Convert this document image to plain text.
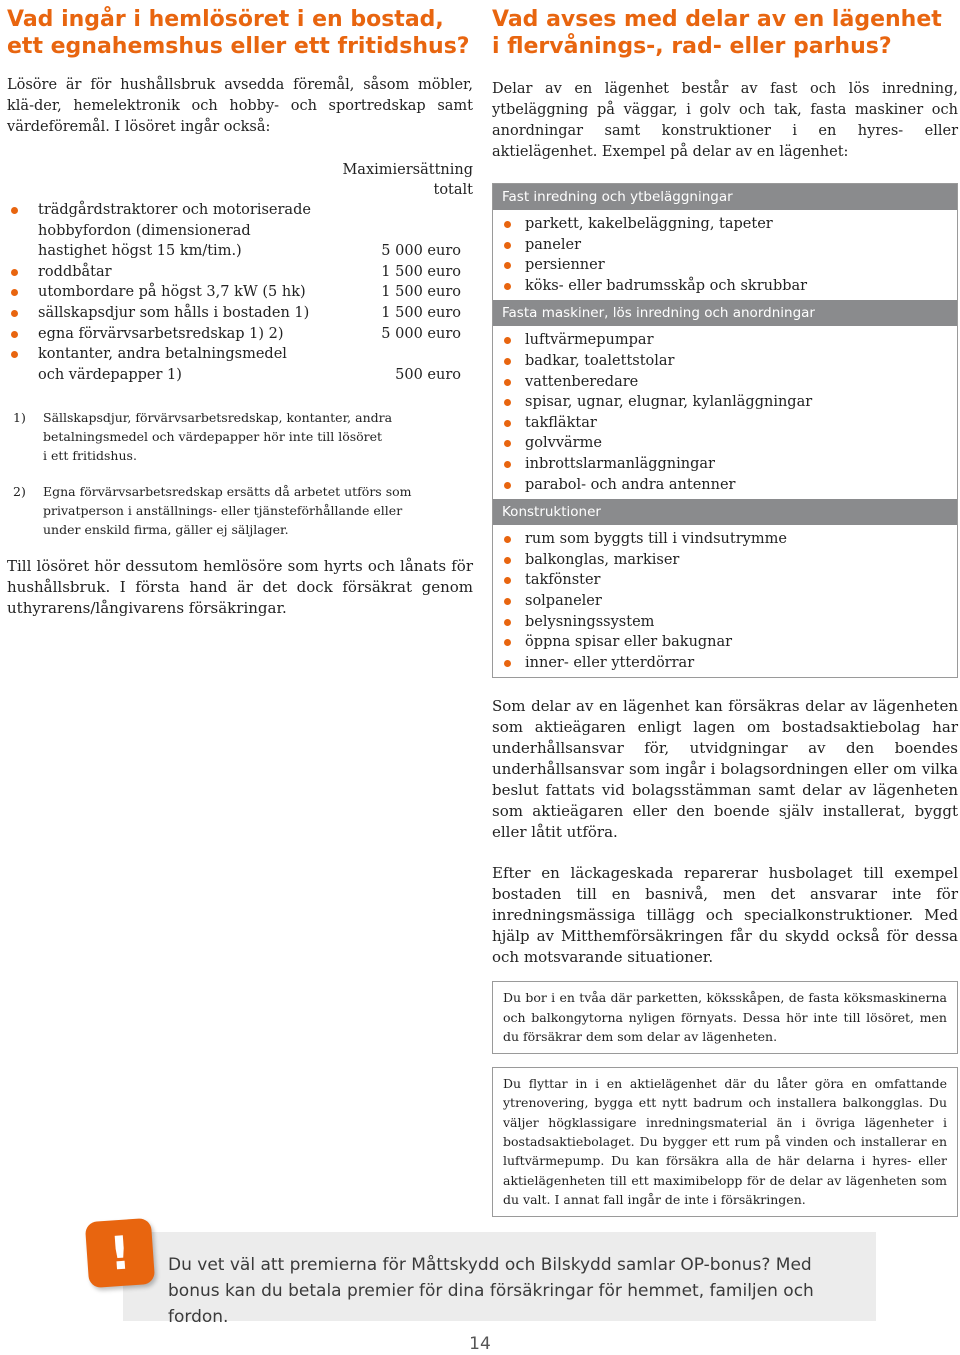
Vad ingår i hemlösöret i en bostad,
ett egnahemshus eller ett fritidshus?

Lösöre är för hushållsbruk avsedda föremål, såsom möbler, klä-der, hemelektronik och hobby- och sportredskap samt värdeföremål. I lösöret ingår också:

Maximiersättning
totalt
trädgårdstraktorer och motoriserade
hobbyfordon (dimensionerad
hastighet högst 15 km/tim.)	5 000 euro
roddbåtar	1 500 euro
utombordare på högst 3,7 kW (5 hk)	1 500 euro
sällskapsdjur som hålls i bostaden 1)	1 500 euro
egna förvärvsarbetsredskap 1) 2)	5 000 euro
kontanter, andra betalningsmedel
och värdepapper 1)	500 euro
1)	Sällskapsdjur, förvärvsarbetsredskap, kontanter, andra
betalningsmedel och värdepapper hör inte till lösöret
i ett fritidshus.
2)	Egna förvärvsarbetsredskap ersätts då arbetet utförs som
privatperson i anställnings- eller tjänsteförhållande eller
under enskild firma, gäller ej säljlager.

Till lösöret hör dessutom hemlösöre som hyrts och lånats för hushållsbruk. I första hand är det dock försäkrat genom uthyrarens/långivarens försäkringar.

Vad avses med delar av en lägenhet
i flervånings-, rad- eller parhus?

Delar av en lägenhet består av fast och lös inredning, ytbeläggning på väggar, i golv och tak, fasta maskiner och anordningar samt konstruktioner i en hyres- eller aktielägenhet. Exempel på delar av en lägenhet:

Fast inredning och ytbeläggningar
parkett, kakelbeläggning, tapeter
paneler
persienner
köks- eller badrumsskåp och skrubbar
Fasta maskiner, lös inredning och anordningar
luftvärmepumpar
badkar, toalettstolar
vattenberedare
spisar, ugnar, elugnar, kylanläggningar
takfläktar
golvvärme
inbrottslarmanläggningar
parabol- och andra antenner
Konstruktioner
rum som byggts till i vindsutrymme
balkonglas, markiser
takfönster
solpaneler
belysningssystem
öppna spisar eller bakugnar
inner- eller ytterdörrar

Som delar av en lägenhet kan försäkras delar av lägenheten som aktieägaren enligt lagen om bostadsaktiebolag har underhållsansvar för, utvidgningar av den boendes underhållsansvar som ingår i bolagsordningen eller om vilka beslut fattats vid bolagsstämman samt delar av lägenheten som aktieägaren eller den boende själv installerat, byggt eller låtit utföra.

Efter en läckageskada reparerar husbolaget till exempel bostaden till en basnivå, men det ansvarar inte för inredningsmässiga tillägg och specialkonstruktioner. Med hjälp av Mitthemförsäkringen får du skydd också för dessa och motsvarande situationer.

Du bor i en tvåa där parketten, köksskåpen, de fasta köksmaskinerna och balkongytorna nyligen förnyats. Dessa hör inte till lösöret, men du försäkrar dem som delar av lägenheten.
Du flyttar in i en aktielägenhet där du låter göra en omfattande ytrenovering, bygga ett nytt badrum och installera balkongglas. Du väljer högklassigare inredningsmaterial än i övriga lägenheter i bostadsaktiebolaget. Du bygger ett rum på vinden och installerar en luftvärmepump. Du kan försäkra alla de här delarna i hyres- eller aktielägenheten till ett maximibelopp för de delar av lägenheten som du valt. I annat fall ingår de inte i försäkringen.
Du vet väl att premierna för Måttskydd och Bilskydd samlar OP-bonus? Med bonus kan du betala premier för dina försäkringar för hemmet, familjen och fordon.
!
14
